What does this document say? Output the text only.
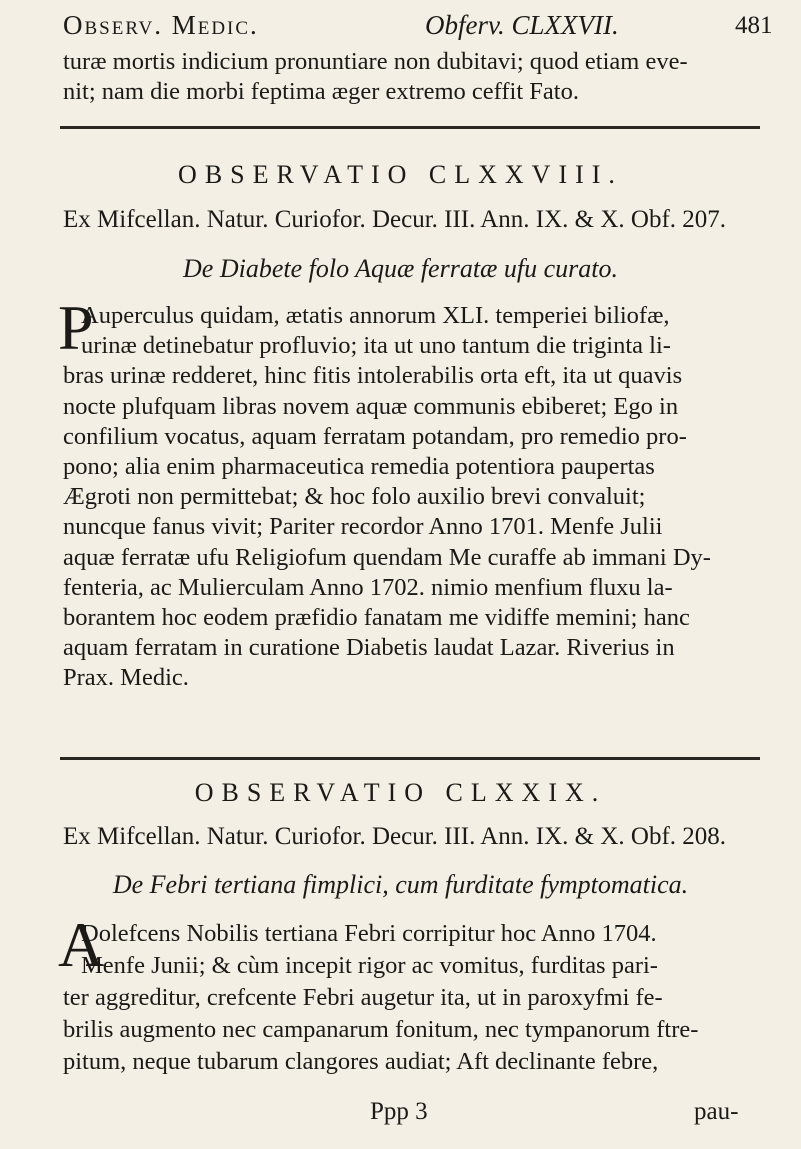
Observ. Medic.	Obferv. CLXXVII.	481
turæ mortis indicium pronuntiare non dubitavi; quod etiam eve-
nit; nam die morbi feptima æger extremo ceffit Fato.
OBSERVATIO CLXXVIII.
Ex Mifcellan. Natur. Curiofor. Decur. III. Ann. IX. & X. Obf. 207.
De Diabete folo Aquæ ferratæ ufu curato.
P
Auperculus quidam, ætatis annorum XLI. temperiei biliofæ,
urinæ detinebatur profluvio; ita ut uno tantum die triginta li-
bras urinæ redderet, hinc fitis intolerabilis orta eft, ita ut quavis
nocte plufquam libras novem aquæ communis ebiberet; Ego in
confilium vocatus, aquam ferratam potandam, pro remedio pro-
pono; alia enim pharmaceutica remedia potentiora paupertas
Ægroti non permittebat; & hoc folo auxilio brevi convaluit;
nuncque fanus vivit; Pariter recordor Anno 1701. Menfe Julii
aquæ ferratæ ufu Religiofum quendam Me curaffe ab immani Dy-
fenteria, ac Mulierculam Anno 1702. nimio menfium fluxu la-
borantem hoc eodem præfidio fanatam me vidiffe memini; hanc
aquam ferratam in curatione Diabetis laudat Lazar. Riverius in
Prax. Medic.
OBSERVATIO CLXXIX.
Ex Mifcellan. Natur. Curiofor. Decur. III. Ann. IX. & X. Obf. 208.
De Febri tertiana fimplici, cum furditate fymptomatica.
A
Dolefcens Nobilis tertiana Febri corripitur hoc Anno 1704.
Menfe Junii; & cùm incepit rigor ac vomitus, furditas pari-
ter aggreditur, crefcente Febri augetur ita, ut in paroxyfmi fe-
brilis augmento nec campanarum fonitum, nec tympanorum ftre-
pitum, neque tubarum clangores audiat; Aft declinante febre,
Ppp 3	pau-
